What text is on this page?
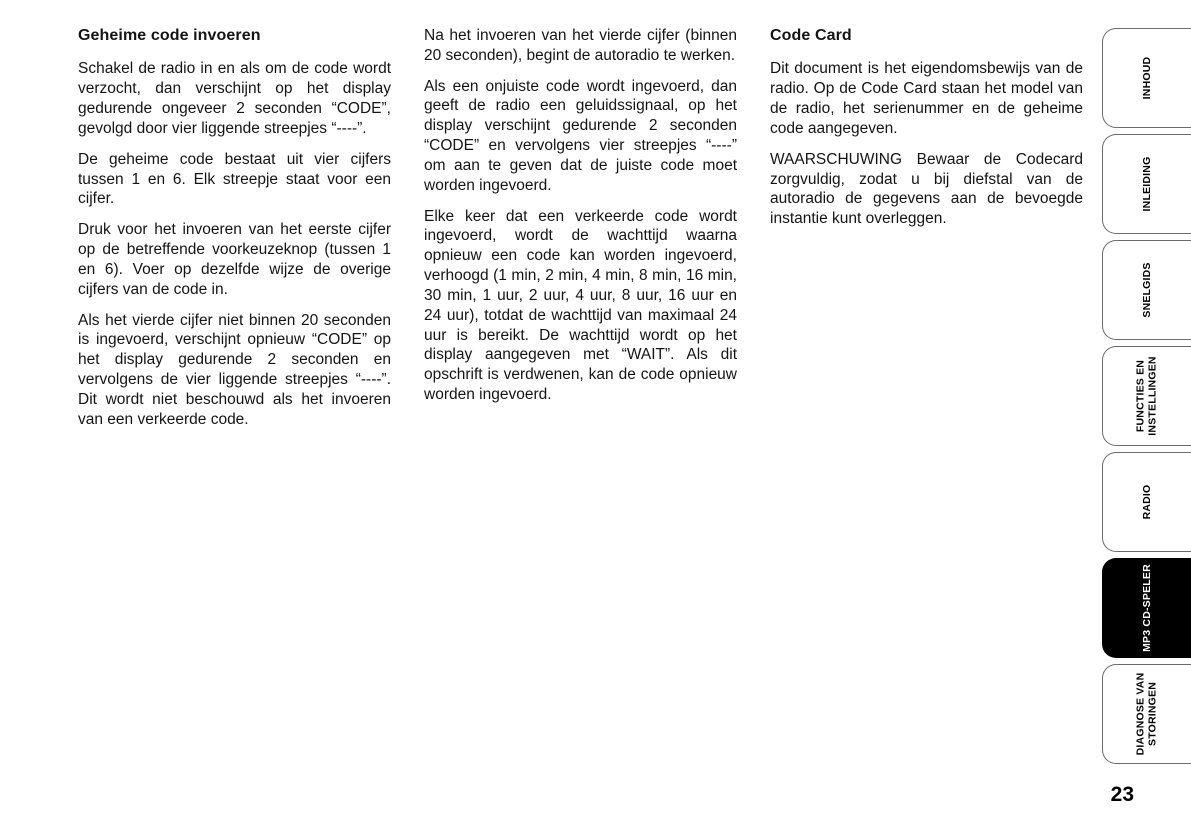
Geheime code invoeren

Schakel de radio in en als om de code wordt verzocht, dan verschijnt op het display gedurende ongeveer 2 seconden “CODE”, gevolgd door vier liggende streepjes “----”.

De geheime code bestaat uit vier cijfers tussen 1 en 6. Elk streepje staat voor een cijfer.

Druk voor het invoeren van het eerste cijfer op de betreffende voorkeuzeknop (tussen 1 en 6). Voer op dezelfde wijze de overige cijfers van de code in.

Als het vierde cijfer niet binnen 20 seconden is ingevoerd, verschijnt opnieuw “CODE” op het display gedurende 2 seconden en vervolgens de vier liggende streepjes “----”. Dit wordt niet beschouwd als het invoeren van een verkeerde code.

Na het invoeren van het vierde cijfer (binnen 20 seconden), begint de autoradio te werken.

Als een onjuiste code wordt ingevoerd, dan geeft de radio een geluidssignaal, op het display verschijnt gedurende 2 seconden “CODE” en vervolgens vier streepjes “----” om aan te geven dat de juiste code moet worden ingevoerd.

Elke keer dat een verkeerde code wordt ingevoerd, wordt de wachttijd waarna opnieuw een code kan worden ingevoerd, verhoogd (1 min, 2 min, 4 min, 8 min, 16 min, 30 min, 1 uur, 2 uur, 4 uur, 8 uur, 16 uur en 24 uur), totdat de wachttijd van maximaal 24 uur is bereikt. De wachttijd wordt op het display aangegeven met “WAIT”. Als dit opschrift is verdwenen, kan de code opnieuw worden ingevoerd.

Code Card

Dit document is het eigendomsbewijs van de radio. Op de Code Card staan het model van de radio, het serienummer en de geheime code aangegeven.

WAARSCHUWING Bewaar de Codecard zorgvuldig, zodat u bij diefstal van de autoradio de gegevens aan de bevoegde instantie kunt overleggen.

INHOUD
INLEIDING
SNELGIDS
FUNCTIES EN INSTELLINGEN
RADIO
MP3 CD-SPELER
DIAGNOSE VAN STORINGEN
23
